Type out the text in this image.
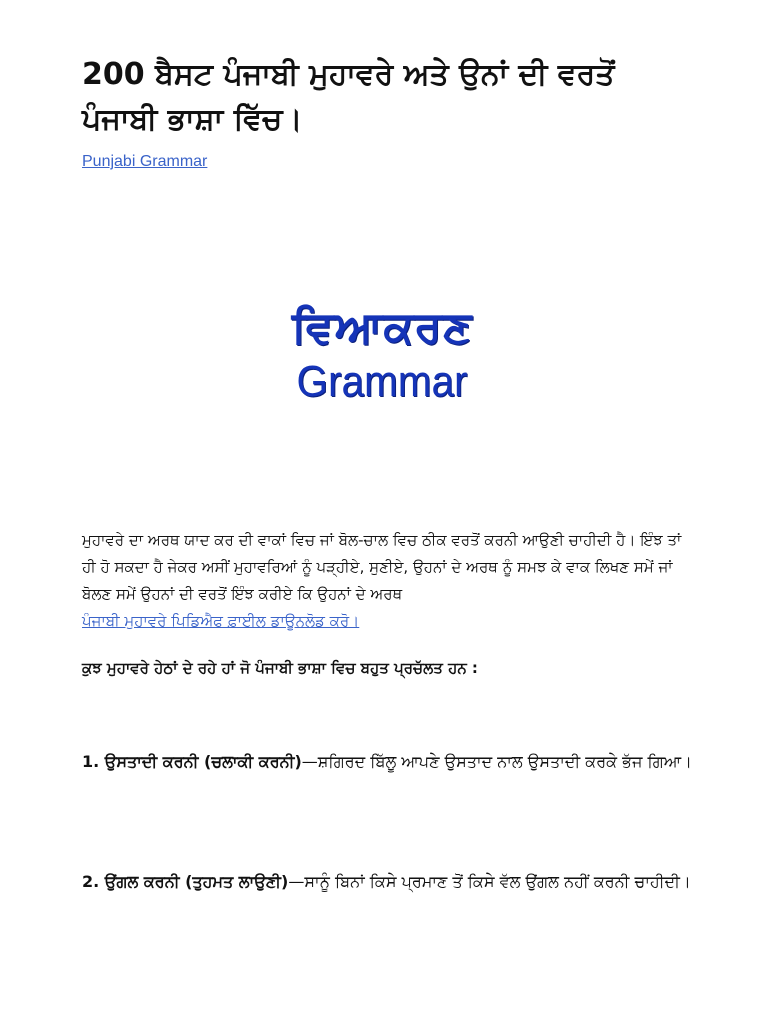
200 ਬੈਸਟ ਪੰਜਾਬੀ ਮੁਹਾਵਰੇ ਅਤੇ ਉਨਾਂ ਦੀ ਵਰਤੋਂ ਪੰਜਾਬੀ ਭਾਸ਼ਾ ਵਿੱਚ।
Punjabi Grammar
ਵਿਆਕਰਣ
Grammar

ਮੁਹਾਵਰੇ ਦਾ ਅਰਥ ਯਾਦ ਕਰ ਦੀ ਵਾਕਾਂ ਵਿਚ ਜਾਂ ਬੋਲ-ਚਾਲ ਵਿਚ ਠੀਕ ਵਰਤੋਂ ਕਰਨੀ ਆਉਣੀ ਚਾਹੀਦੀ ਹੈ। ਇੰਝ ਤਾਂ ਹੀ ਹੋ ਸਕਦਾ ਹੈ ਜੇਕਰ ਅਸੀਂ ਮੁਹਾਵਰਿਆਂ ਨੂੰ ਪੜ੍ਹੀਏ, ਸੁਣੀਏ, ਉਹਨਾਂ ਦੇ ਅਰਥ ਨੂੰ ਸਮਝ ਕੇ ਵਾਕ ਲਿਖਣ ਸਮੇਂ ਜਾਂ ਬੋਲਣ ਸਮੇਂ ਉਹਨਾਂ ਦੀ ਵਰਤੋਂ ਇੰਝ ਕਰੀਏ ਕਿ ਉਹਨਾਂ ਦੇ ਅਰਥ
ਪੰਜਾਬੀ ਮੁਹਾਵਰੇ ਪਿਡਿਐਫ ਫ਼ਾਈਲ ਡਾਊਨਲੋਡ ਕਰੋ।

ਕੁਝ ਮੁਹਾਵਰੇ ਹੇਠਾਂ ਦੇ ਰਹੇ ਹਾਂ ਜੋ ਪੰਜਾਬੀ ਭਾਸ਼ਾ ਵਿਚ ਬਹੁਤ ਪ੍ਰਚੱਲਤ ਹਨ :

1. ਉਸਤਾਦੀ ਕਰਨੀ (ਚਲਾਕੀ ਕਰਨੀ)—ਸ਼ਗਿਰਦ ਬਿੱਲੂ ਆਪਣੇ ਉਸਤਾਦ ਨਾਲ ਉਸਤਾਦੀ ਕਰਕੇ ਭੱਜ ਗਿਆ।

2. ਉਂਗਲ ਕਰਨੀ (ਤੁਹਮਤ ਲਾਉਣੀ)—ਸਾਨੂੰ ਬਿਨਾਂ ਕਿਸੇ ਪ੍ਰਮਾਣ ਤੋਂ ਕਿਸੇ ਵੱਲ ਉਂਗਲ ਨਹੀਂ ਕਰਨੀ ਚਾਹੀਦੀ।
